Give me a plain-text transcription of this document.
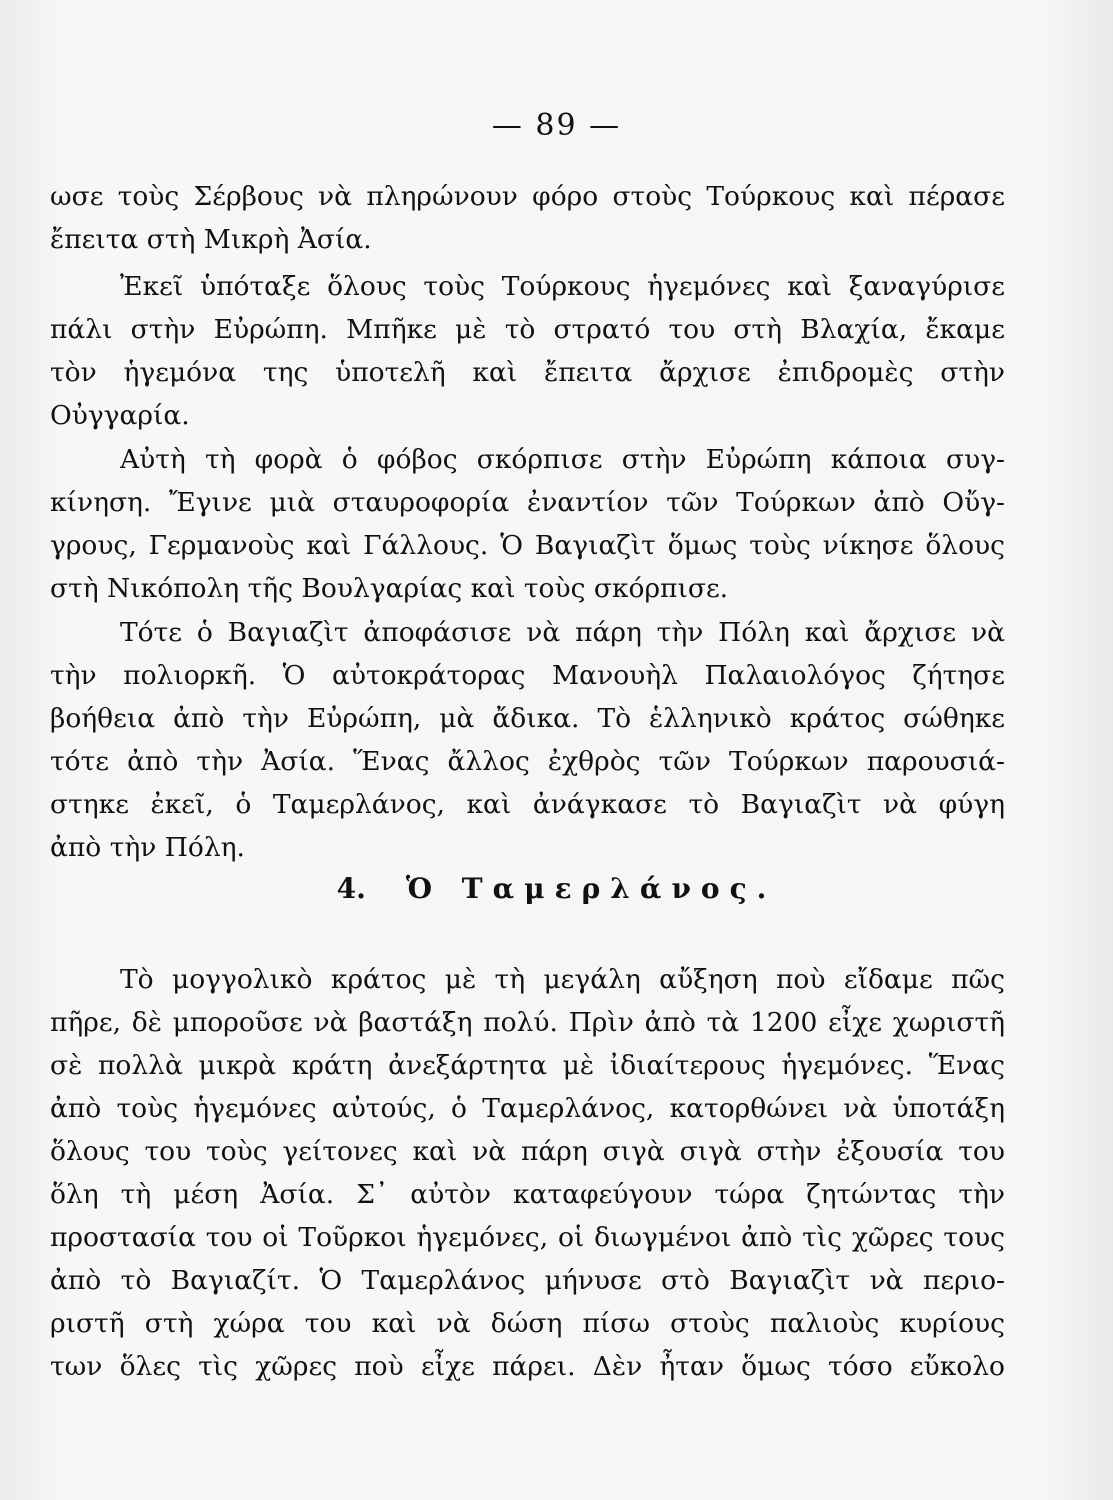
— 89 —
ωσε τοὺς Σέρβους νὰ πληρώνουν φόρο στοὺς Τούρκους καὶ πέρασε
ἔπειτα στὴ Μικρὴ Ἀσία.
Ἐκεῖ ὑπόταξε ὅλους τοὺς Τούρκους ἡγεμόνες καὶ ξαναγύρισε
πάλι στὴν Εὐρώπη. Μπῆκε μὲ τὸ στρατό του στὴ Βλαχία, ἔκαμε
τὸν ἡγεμόνα της ὑποτελῆ καὶ ἔπειτα ἄρχισε ἐπιδρομὲς στὴν
Οὐγγαρία.
Αὐτὴ τὴ φορὰ ὁ φόβος σκόρπισε στὴν Εὐρώπη κάποια συγ-
κίνηση. Ἔγινε μιὰ σταυροφορία ἐναντίον τῶν Τούρκων ἀπὸ Οὔγ-
γρους, Γερμανοὺς καὶ Γάλλους. Ὁ Βαγιαζὶτ ὅμως τοὺς νίκησε ὅλους
στὴ Νικόπολη τῆς Βουλγαρίας καὶ τοὺς σκόρπισε.
Τότε ὁ Βαγιαζὶτ ἀποφάσισε νὰ πάρη τὴν Πόλη καὶ ἄρχισε νὰ
τὴν πολιορκῆ. Ὁ αὐτοκράτορας Μανουὴλ Παλαιολόγος ζήτησε
βοήθεια ἀπὸ τὴν Εὐρώπη, μὰ ἄδικα. Τὸ ἑλληνικὸ κράτος σώθηκε
τότε ἀπὸ τὴν Ἀσία. Ἕνας ἄλλος ἐχθρὸς τῶν Τούρκων παρουσιά-
στηκε ἐκεῖ, ὁ Ταμερλάνος, καὶ ἀνάγκασε τὸ Βαγιαζὶτ νὰ φύγη
ἀπὸ τὴν Πόλη.
4. Ὁ Ταμερλάνος.
Τὸ μογγολικὸ κράτος μὲ τὴ μεγάλη αὔξηση ποὺ εἴδαμε πῶς
πῆρε, δὲ μποροῦσε νὰ βαστάξη πολύ. Πρὶν ἀπὸ τὰ 1200 εἶχε χωριστῆ
σὲ πολλὰ μικρὰ κράτη ἀνεξάρτητα μὲ ἰδιαίτερους ἡγεμόνες. Ἕνας
ἀπὸ τοὺς ἡγεμόνες αὐτούς, ὁ Ταμερλάνος, κατορθώνει νὰ ὑποτάξη
ὅλους του τοὺς γείτονες καὶ νὰ πάρη σιγὰ σιγὰ στὴν ἐξουσία του
ὅλη τὴ μέση Ἀσία. Σ᾿ αὐτὸν καταφεύγουν τώρα ζητώντας τὴν
προστασία του οἱ Τοῦρκοι ἡγεμόνες, οἱ διωγμένοι ἀπὸ τὶς χῶρες τους
ἀπὸ τὸ Βαγιαζίτ. Ὁ Ταμερλάνος μήνυσε στὸ Βαγιαζὶτ νὰ περιο-
ριστῆ στὴ χώρα του καὶ νὰ δώση πίσω στοὺς παλιοὺς κυρίους
των ὅλες τὶς χῶρες ποὺ εἶχε πάρει. Δὲν ἦταν ὅμως τόσο εὔκολο
